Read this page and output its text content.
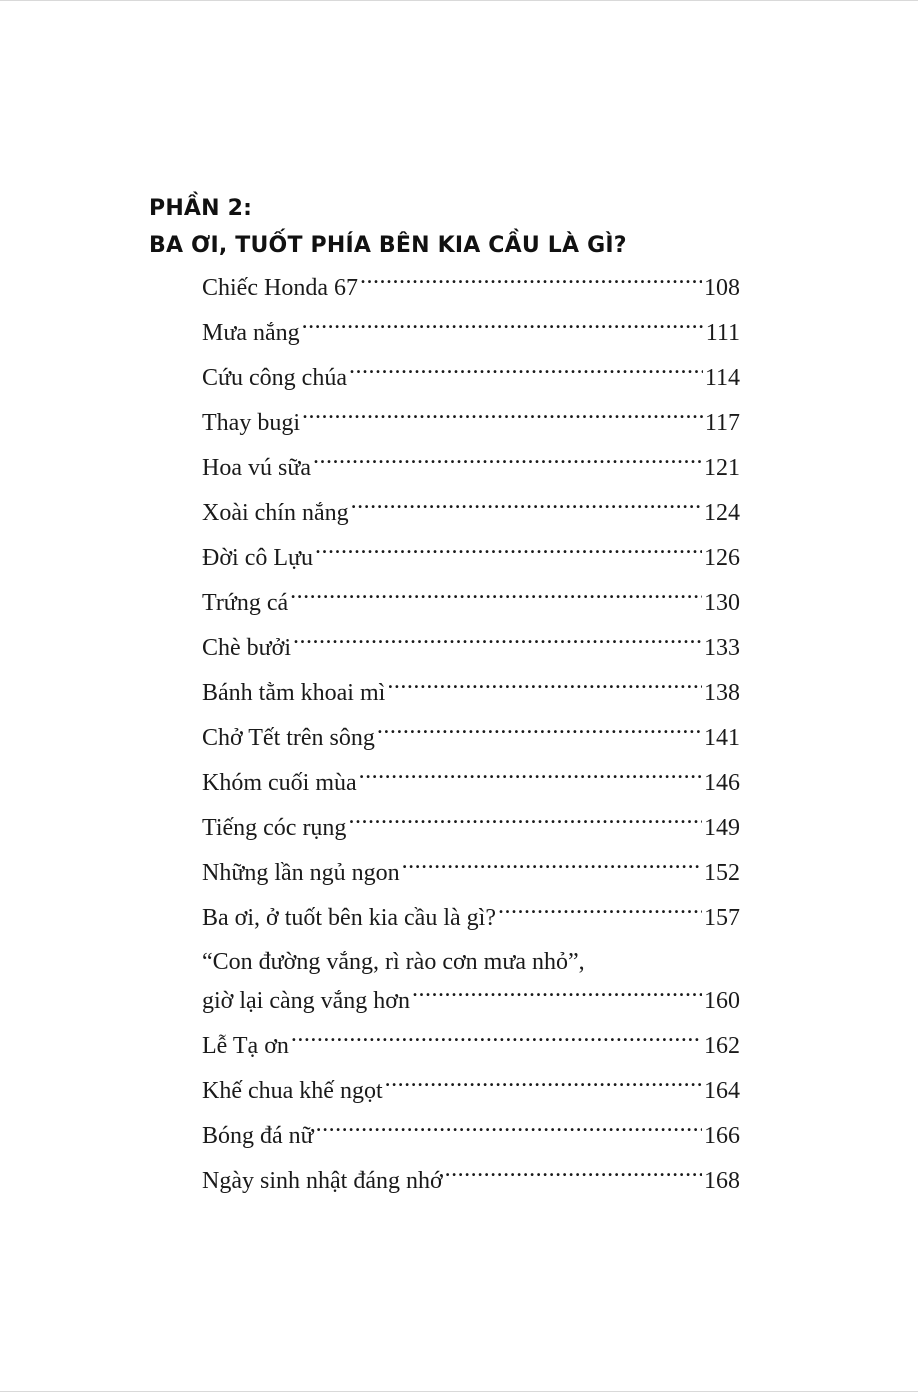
PHẦN 2:
BA ƠI, TUỐT PHÍA BÊN KIA CẦU LÀ GÌ?
Chiếc Honda 67 .....	108
Mưa nắng .....	111
Cứu công chúa .....	114
Thay bugi .....	117
Hoa vú sữa .....	121
Xoài chín nắng .....	124
Đời cô Lựu .....	126
Trứng cá .....	130
Chè bưởi .....	133
Bánh tằm khoai mì .....	138
Chở Tết trên sông .....	141
Khóm cuối mùa .....	146
Tiếng cóc rụng .....	149
Những lần ngủ ngon .....	152
Ba ơi, ở tuốt bên kia cầu là gì? .....	157
“Con đường vắng, rì rào cơn mưa nhỏ”,
giờ lại càng vắng hơn .....	160
Lễ Tạ ơn .....	162
Khế chua khế ngọt .....	164
Bóng đá nữ .....	166
Ngày sinh nhật đáng nhớ .....	168
